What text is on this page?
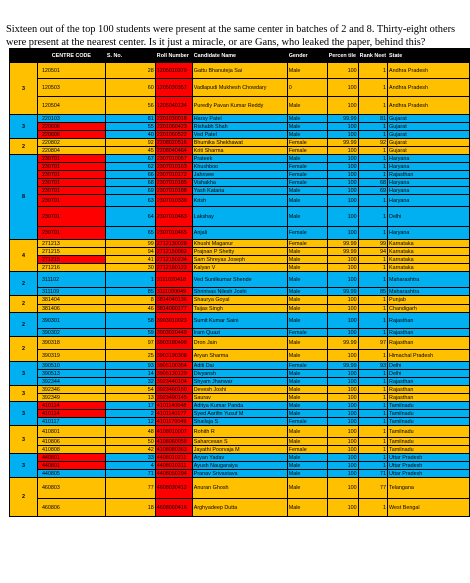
Sixteen out of the top 100 students were present at the same center in batches of 2 and 8. Thirty-eight others were present at the nearest center. Is it just a miracle, or are Gans, who leaked the paper, behind this?
	CENTRE CODE	S. No.	Roll Number	Candidate Name	Gender	Percen tile	Rank Neet	State
3	120501	28	1205010379	Gattu Bhanuteja Sai	Male	100	1	Andhra Pradesh
	120503	60	1205030357	Vadlapudi Mukhesh Chowdary	0	100	1	Andhra Pradesh
	120504	56	1205040134	Puredly Pavan Kumar Reddy	Male	100	1	Andhra Pradesh
3	220103	81	2201030018	Harsy Patel	Male	99.99	81	Gujarat
	220606	55	2201060423	Rishabh Shah	Male	100	1	Gujarat
	220606	40	2201060522	Ved Patel	Male	100	1	Gujarat
2	220802	92	2208020516	Bhumika Shekhawat	Female	99.99	92	Gujarat
	220804	45	2208040464	Kriti Sharma	Female	100	1	Gujarat
8	230701	67	2307010057	Prateek	Male	100	1	Haryana
	230701	62	2307010163	Khushboo	Female	100	1	Haryana
	230701	66	2307010172	Jahnvee	Female	100	1	Rajasthan
	230701	68	2307010185	Vishakha	Female	100	68	Haryana
	230701	69	2307010188	Yash Kataria	Male	100	69	Haryana
	230701	63	2307010339	Krish	Male	100	1	Haryana
	230701	64	2307010463	Lakshay	Male	100	1	Delhi
	230701	65	2307010465	Anjali	Female	100	1	Haryana
4	271213	99	2712130028	Khushi Maganur	Female	99.99	99	Karnataka
	271215	94	2712150082	Prajnan P Shetty	Male	99.99	94	Karnataka
	271215	41	2712150234	Sam Shreyas Joseph	Male	100	1	Karnataka
	271216	30	2712160123	Kalyan V	Male	100	1	Karnataka
2	311102	1	3111020418	Ved Sunilkumar Shende	Male	100	1	Maharashtra
	311109	85	3111090049	Shrinivas Nilesh Joshi	Male	99.99	85	Maharashtra
2	381404	8	3814040136	Shaurya Goyal	Male	100	1	Punjab
	381406	46	3814060177	Taijas Singh	Male	100	1	Chandigarh
2	390301	58	3903010023	Sumit Kumar Saini	Male	100	1	Rajasthan
	390302	59	3903020449	Iram Quazi	Female	100	1	Rajasthan
2	390318	97	3903180498	Dron Jain	Male	99.99	97	Rajasthan
	390319	25	3903190308	Aryan Sharma	Male	100	1	Himachal Pradesh
3	390510	93	3905100354	Aditi Dai	Female	99.99	93	Delhi
	390513	14	3905130129	Divyansh	Male	100	1	Delhi
	392344	32	3923440104	Shyam Jhanwar	Male	100	1	Rajasthan
3	392346	54	3923460150	Devesh Joshi	Male	100	1	Rajasthan
	392349	13	3923490145	Saurav	Male	100	1	Rajasthan
3	410114	17	4101140048	Aditya Kumar Panda	Male	100	1	Tamilnadu
	410114	2	4101140177	Syed Aarifin Yusuf M	Male	100	1	Tamilnadu
	410117	12	4101170049	Shailaja S	Female	100	1	Tamilnadu
3	410801	48	4108010007	Rohith R	Male	100	1	Tamilnadu
	410806	50	4108060058	Saharcesan S	Male	100	1	Tamilnadu
	410808	42	4108080363	Jayathi Poorvaja M	Female	100	1	Tamilnadu
3	440801	33	4408010211	Aryan Yadav	Male	100	1	Uttar Pradesh
	440801	4	4408010311	Ayush Naugaraiya	Male	100	1	Uttar Pradesh
	440805	71	4408050294	Pranav Srivastava	Male	100	71	Uttar Pradesh
2	460803	77	4608030412	Anuran Ghosh	Male	100	77	Telangana
	460806	18	4608060416	Arghyadeep Dutta	Male	100	1	West Bengal
